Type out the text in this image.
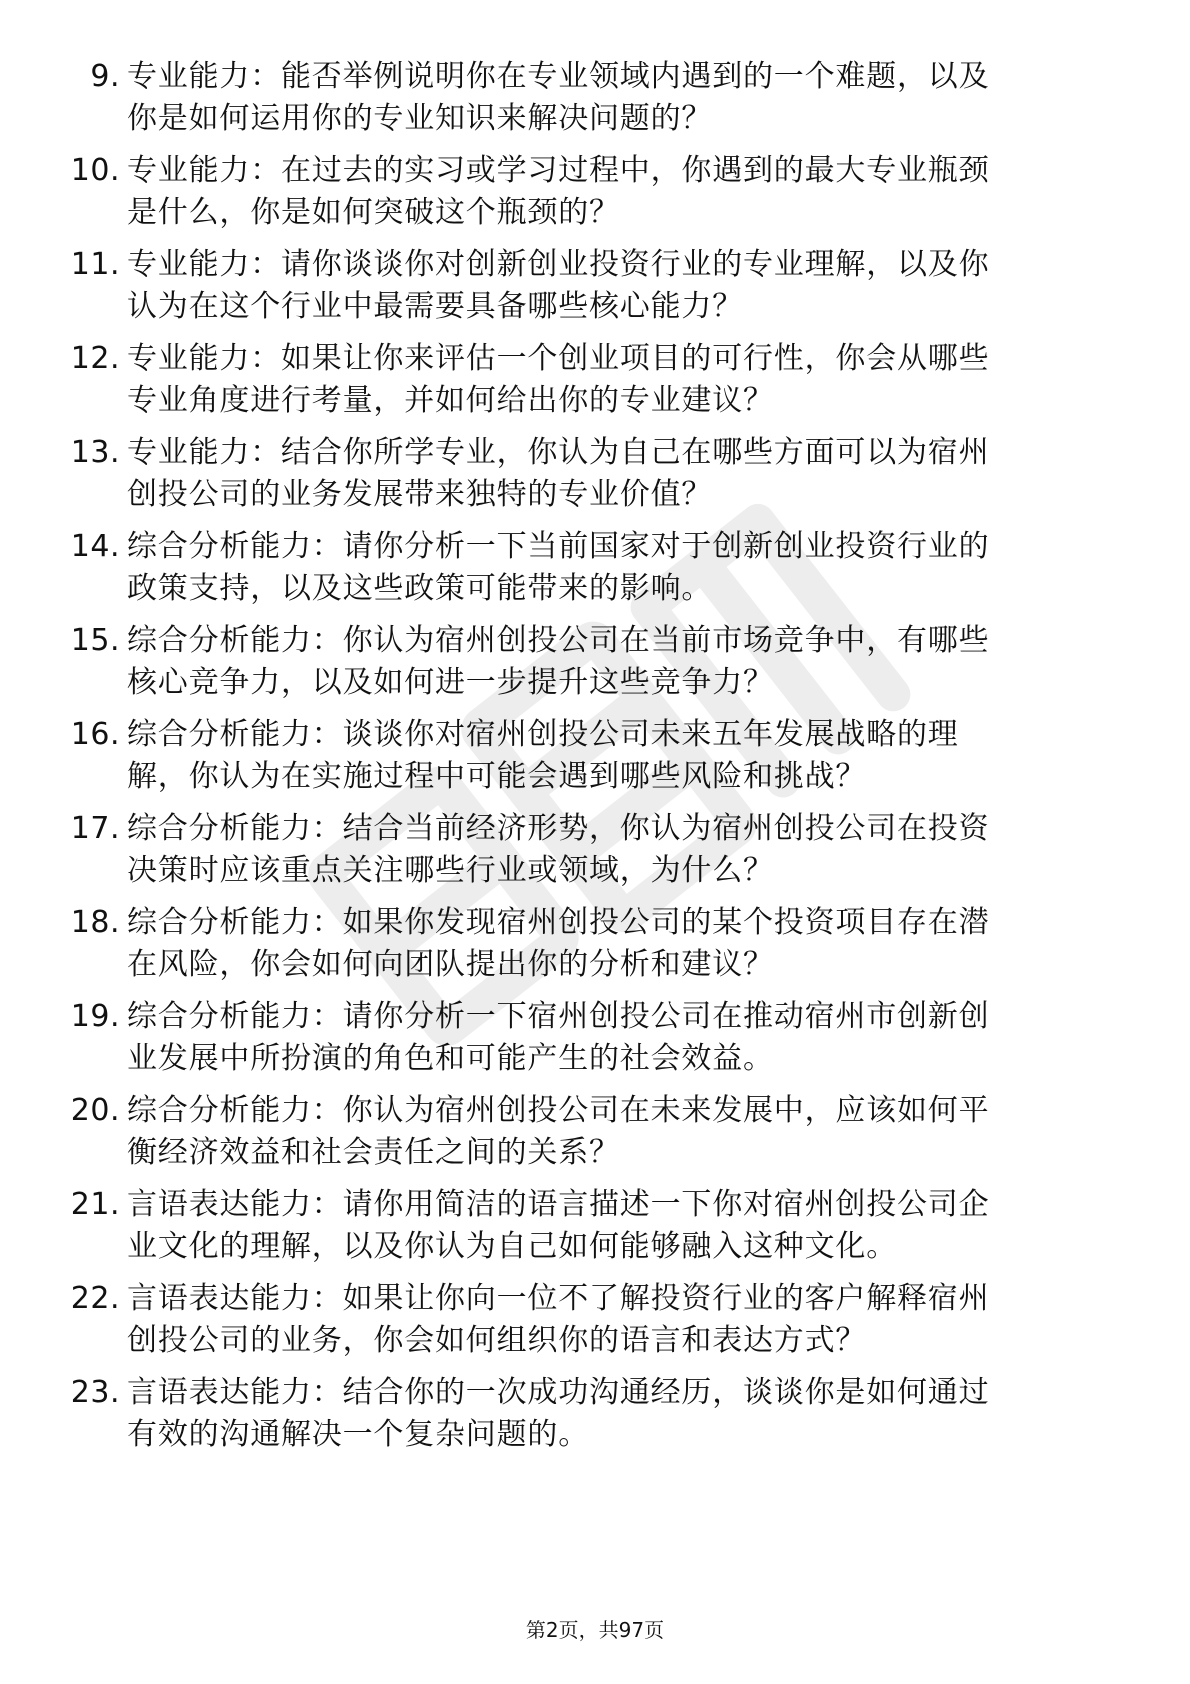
9. 专业能力：能否举例说明你在专业领域内遇到的一个难题，以及
你是如何运用你的专业知识来解决问题的？
10. 专业能力：在过去的实习或学习过程中，你遇到的最大专业瓶颈
是什么，你是如何突破这个瓶颈的？
11. 专业能力：请你谈谈你对创新创业投资行业的专业理解，以及你
认为在这个行业中最需要具备哪些核心能力？
12. 专业能力：如果让你来评估一个创业项目的可行性，你会从哪些
专业角度进行考量，并如何给出你的专业建议？
13. 专业能力：结合你所学专业，你认为自己在哪些方面可以为宿州
创投公司的业务发展带来独特的专业价值？
14. 综合分析能力：请你分析一下当前国家对于创新创业投资行业的
政策支持，以及这些政策可能带来的影响。
15. 综合分析能力：你认为宿州创投公司在当前市场竞争中，有哪些
核心竞争力，以及如何进一步提升这些竞争力？
16. 综合分析能力：谈谈你对宿州创投公司未来五年发展战略的理
解，你认为在实施过程中可能会遇到哪些风险和挑战？
17. 综合分析能力：结合当前经济形势，你认为宿州创投公司在投资
决策时应该重点关注哪些行业或领域，为什么？
18. 综合分析能力：如果你发现宿州创投公司的某个投资项目存在潜
在风险，你会如何向团队提出你的分析和建议？
19. 综合分析能力：请你分析一下宿州创投公司在推动宿州市创新创
业发展中所扮演的角色和可能产生的社会效益。
20. 综合分析能力：你认为宿州创投公司在未来发展中，应该如何平
衡经济效益和社会责任之间的关系？
21. 言语表达能力：请你用简洁的语言描述一下你对宿州创投公司企
业文化的理解，以及你认为自己如何能够融入这种文化。
22. 言语表达能力：如果让你向一位不了解投资行业的客户解释宿州
创投公司的业务，你会如何组织你的语言和表达方式？
23. 言语表达能力：结合你的一次成功沟通经历，谈谈你是如何通过
有效的沟通解决一个复杂问题的。
第2页，共97页
